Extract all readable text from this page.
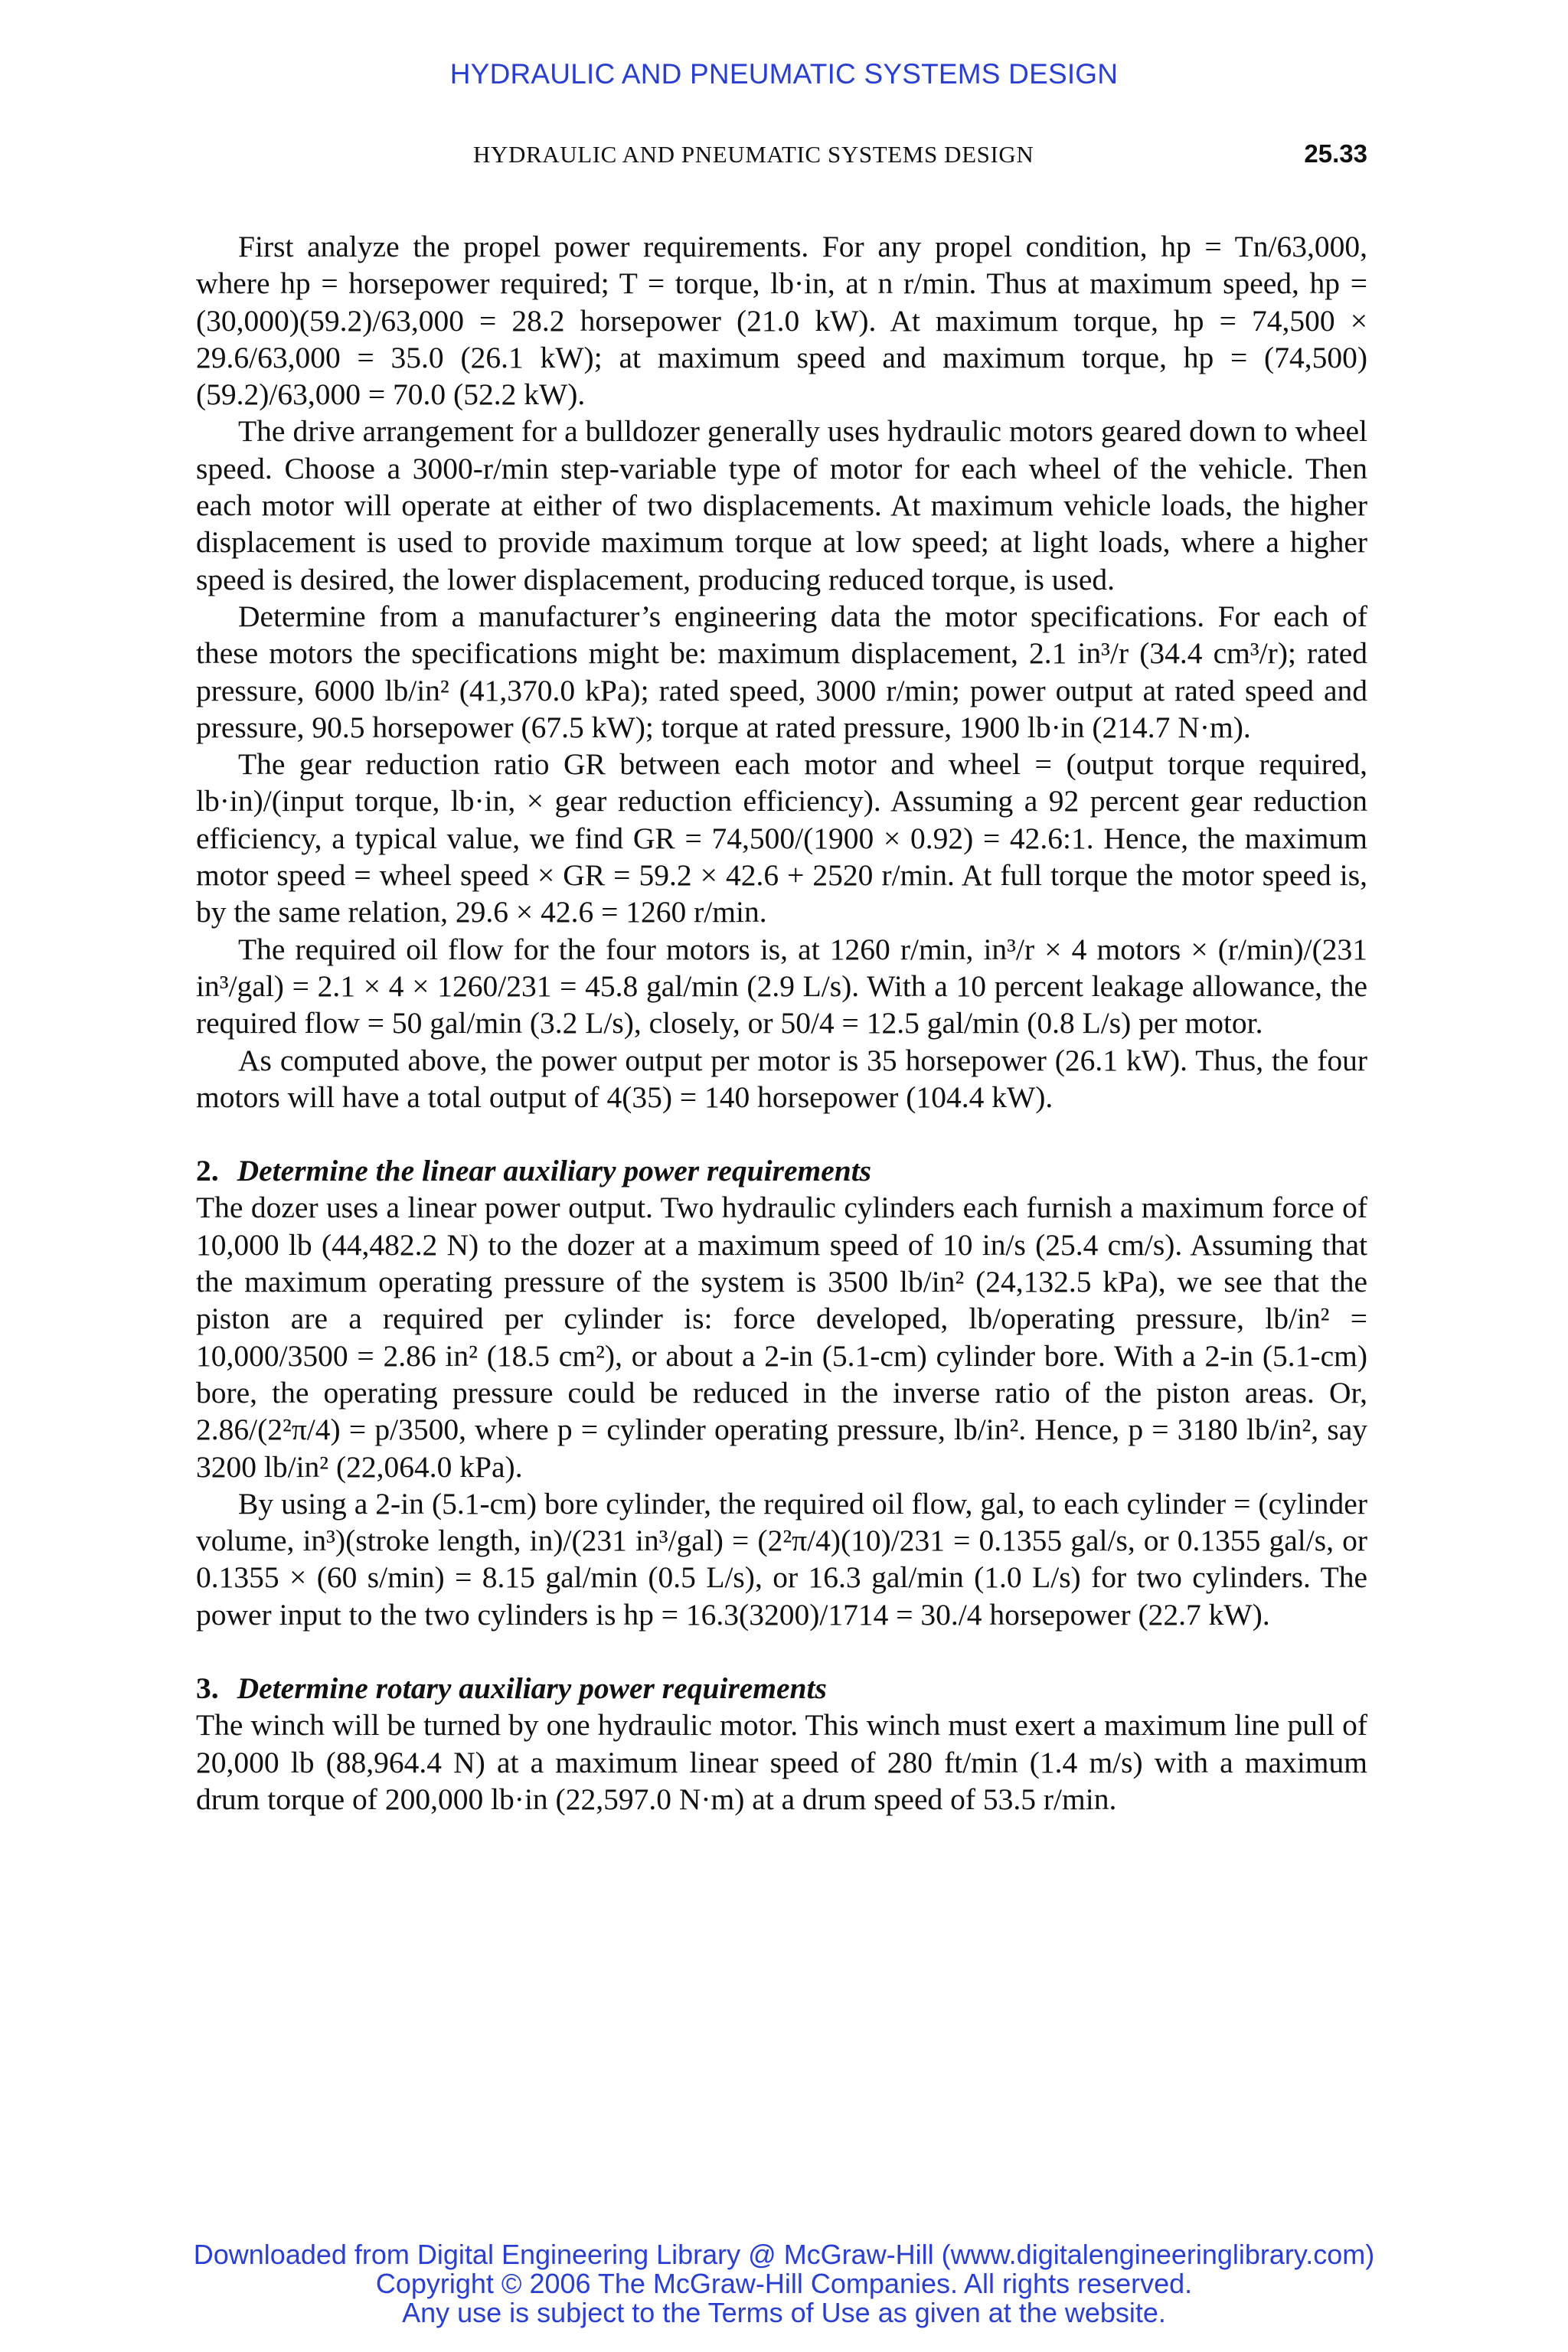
HYDRAULIC AND PNEUMATIC SYSTEMS DESIGN
HYDRAULIC AND PNEUMATIC SYSTEMS DESIGN	25.33

First analyze the propel power requirements. For any propel condition, hp = Tn/63,000, where hp = horsepower required; T = torque, lb·in, at n r/min. Thus at maximum speed, hp = (30,000)(59.2)/63,000 = 28.2 horsepower (21.0 kW). At maximum torque, hp = 74,500 × 29.6/63,000 = 35.0 (26.1 kW); at maximum speed and maximum torque, hp = (74,500)(59.2)/63,000 = 70.0 (52.2 kW).

The drive arrangement for a bulldozer generally uses hydraulic motors geared down to wheel speed. Choose a 3000-r/min step-variable type of motor for each wheel of the vehicle. Then each motor will operate at either of two displacements. At maximum vehicle loads, the higher displacement is used to provide maximum torque at low speed; at light loads, where a higher speed is desired, the lower displacement, producing reduced torque, is used.

Determine from a manufacturer’s engineering data the motor specifications. For each of these motors the specifications might be: maximum displacement, 2.1 in³/r (34.4 cm³/r); rated pressure, 6000 lb/in² (41,370.0 kPa); rated speed, 3000 r/min; power output at rated speed and pressure, 90.5 horsepower (67.5 kW); torque at rated pressure, 1900 lb·in (214.7 N·m).

The gear reduction ratio GR between each motor and wheel = (output torque required, lb·in)/(input torque, lb·in, × gear reduction efficiency). Assuming a 92 percent gear reduction efficiency, a typical value, we find GR = 74,500/(1900 × 0.92) = 42.6:1. Hence, the maximum motor speed = wheel speed × GR = 59.2 × 42.6 + 2520 r/min. At full torque the motor speed is, by the same relation, 29.6 × 42.6 = 1260 r/min.

The required oil flow for the four motors is, at 1260 r/min, in³/r × 4 motors × (r/min)/(231 in³/gal) = 2.1 × 4 × 1260/231 = 45.8 gal/min (2.9 L/s). With a 10 percent leakage allowance, the required flow = 50 gal/min (3.2 L/s), closely, or 50/4 = 12.5 gal/min (0.8 L/s) per motor.

As computed above, the power output per motor is 35 horsepower (26.1 kW). Thus, the four motors will have a total output of 4(35) = 140 horsepower (104.4 kW).

2. Determine the linear auxiliary power requirements

The dozer uses a linear power output. Two hydraulic cylinders each furnish a maximum force of 10,000 lb (44,482.2 N) to the dozer at a maximum speed of 10 in/s (25.4 cm/s). Assuming that the maximum operating pressure of the system is 3500 lb/in² (24,132.5 kPa), we see that the piston are a required per cylinder is: force developed, lb/operating pressure, lb/in² = 10,000/3500 = 2.86 in² (18.5 cm²), or about a 2-in (5.1-cm) cylinder bore. With a 2-in (5.1-cm) bore, the operating pressure could be reduced in the inverse ratio of the piston areas. Or, 2.86/(2²π/4) = p/3500, where p = cylinder operating pressure, lb/in². Hence, p = 3180 lb/in², say 3200 lb/in² (22,064.0 kPa).

By using a 2-in (5.1-cm) bore cylinder, the required oil flow, gal, to each cylinder = (cylinder volume, in³)(stroke length, in)/(231 in³/gal) = (2²π/4)(10)/231 = 0.1355 gal/s, or 0.1355 gal/s, or 0.1355 × (60 s/min) = 8.15 gal/min (0.5 L/s), or 16.3 gal/min (1.0 L/s) for two cylinders. The power input to the two cylinders is hp = 16.3(3200)/1714 = 30./4 horsepower (22.7 kW).

3. Determine rotary auxiliary power requirements

The winch will be turned by one hydraulic motor. This winch must exert a maximum line pull of 20,000 lb (88,964.4 N) at a maximum linear speed of 280 ft/min (1.4 m/s) with a maximum drum torque of 200,000 lb·in (22,597.0 N·m) at a drum speed of 53.5 r/min.

Downloaded from Digital Engineering Library @ McGraw-Hill (www.digitalengineeringlibrary.com)
Copyright © 2006 The McGraw-Hill Companies. All rights reserved.
Any use is subject to the Terms of Use as given at the website.
